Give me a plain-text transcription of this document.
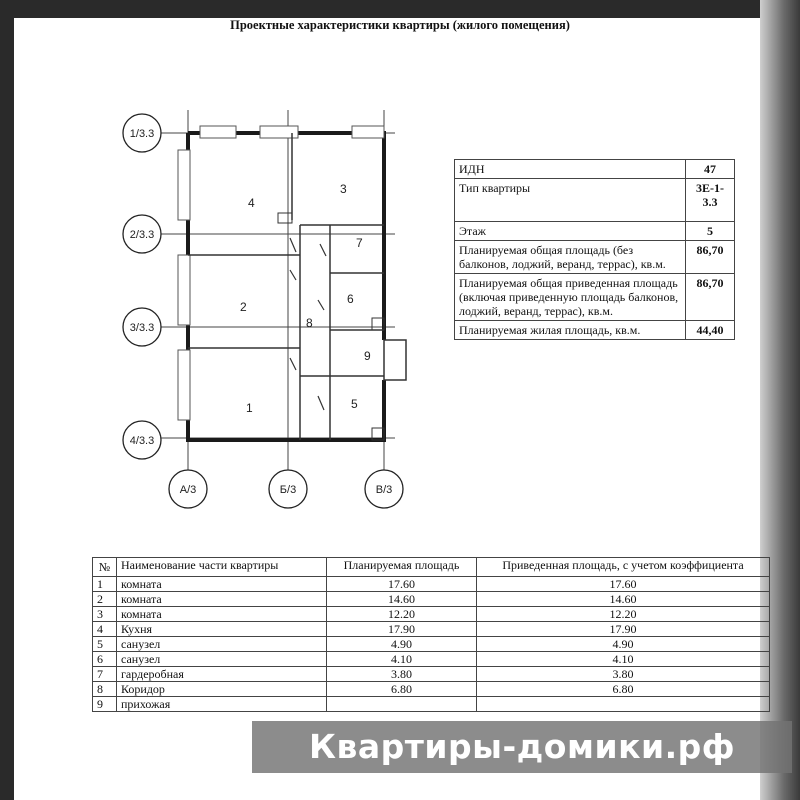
Проектные характеристики квартиры (жилого помещения)
1
2
3
4
5
6
7
8
9
1/3.3
2/3.3
3/3.3
4/3.3
А/3	Б/3	В/3
ИДН	47
Тип квартиры	3Е-1-3.3
Этаж	5
Планируемая общая площадь (без балконов, лоджий, веранд, террас), кв.м.	86,70
Планируемая общая приведенная площадь (включая приведенную площадь балконов, лоджий, веранд, террас), кв.м.	86,70
Планируемая жилая площадь, кв.м.	44,40
№	Наименование части квартиры	Планируемая площадь	Приведенная площадь, с учетом коэффициента
1	комната	17.60	17.60
2	комната	14.60	14.60
3	комната	12.20	12.20
4	Кухня	17.90	17.90
5	санузел	4.90	4.90
6	санузел	4.10	4.10
7	гардеробная	3.80	3.80
8	Коридор	6.80	6.80
9	прихожая		
Квартиры-домики.рф
